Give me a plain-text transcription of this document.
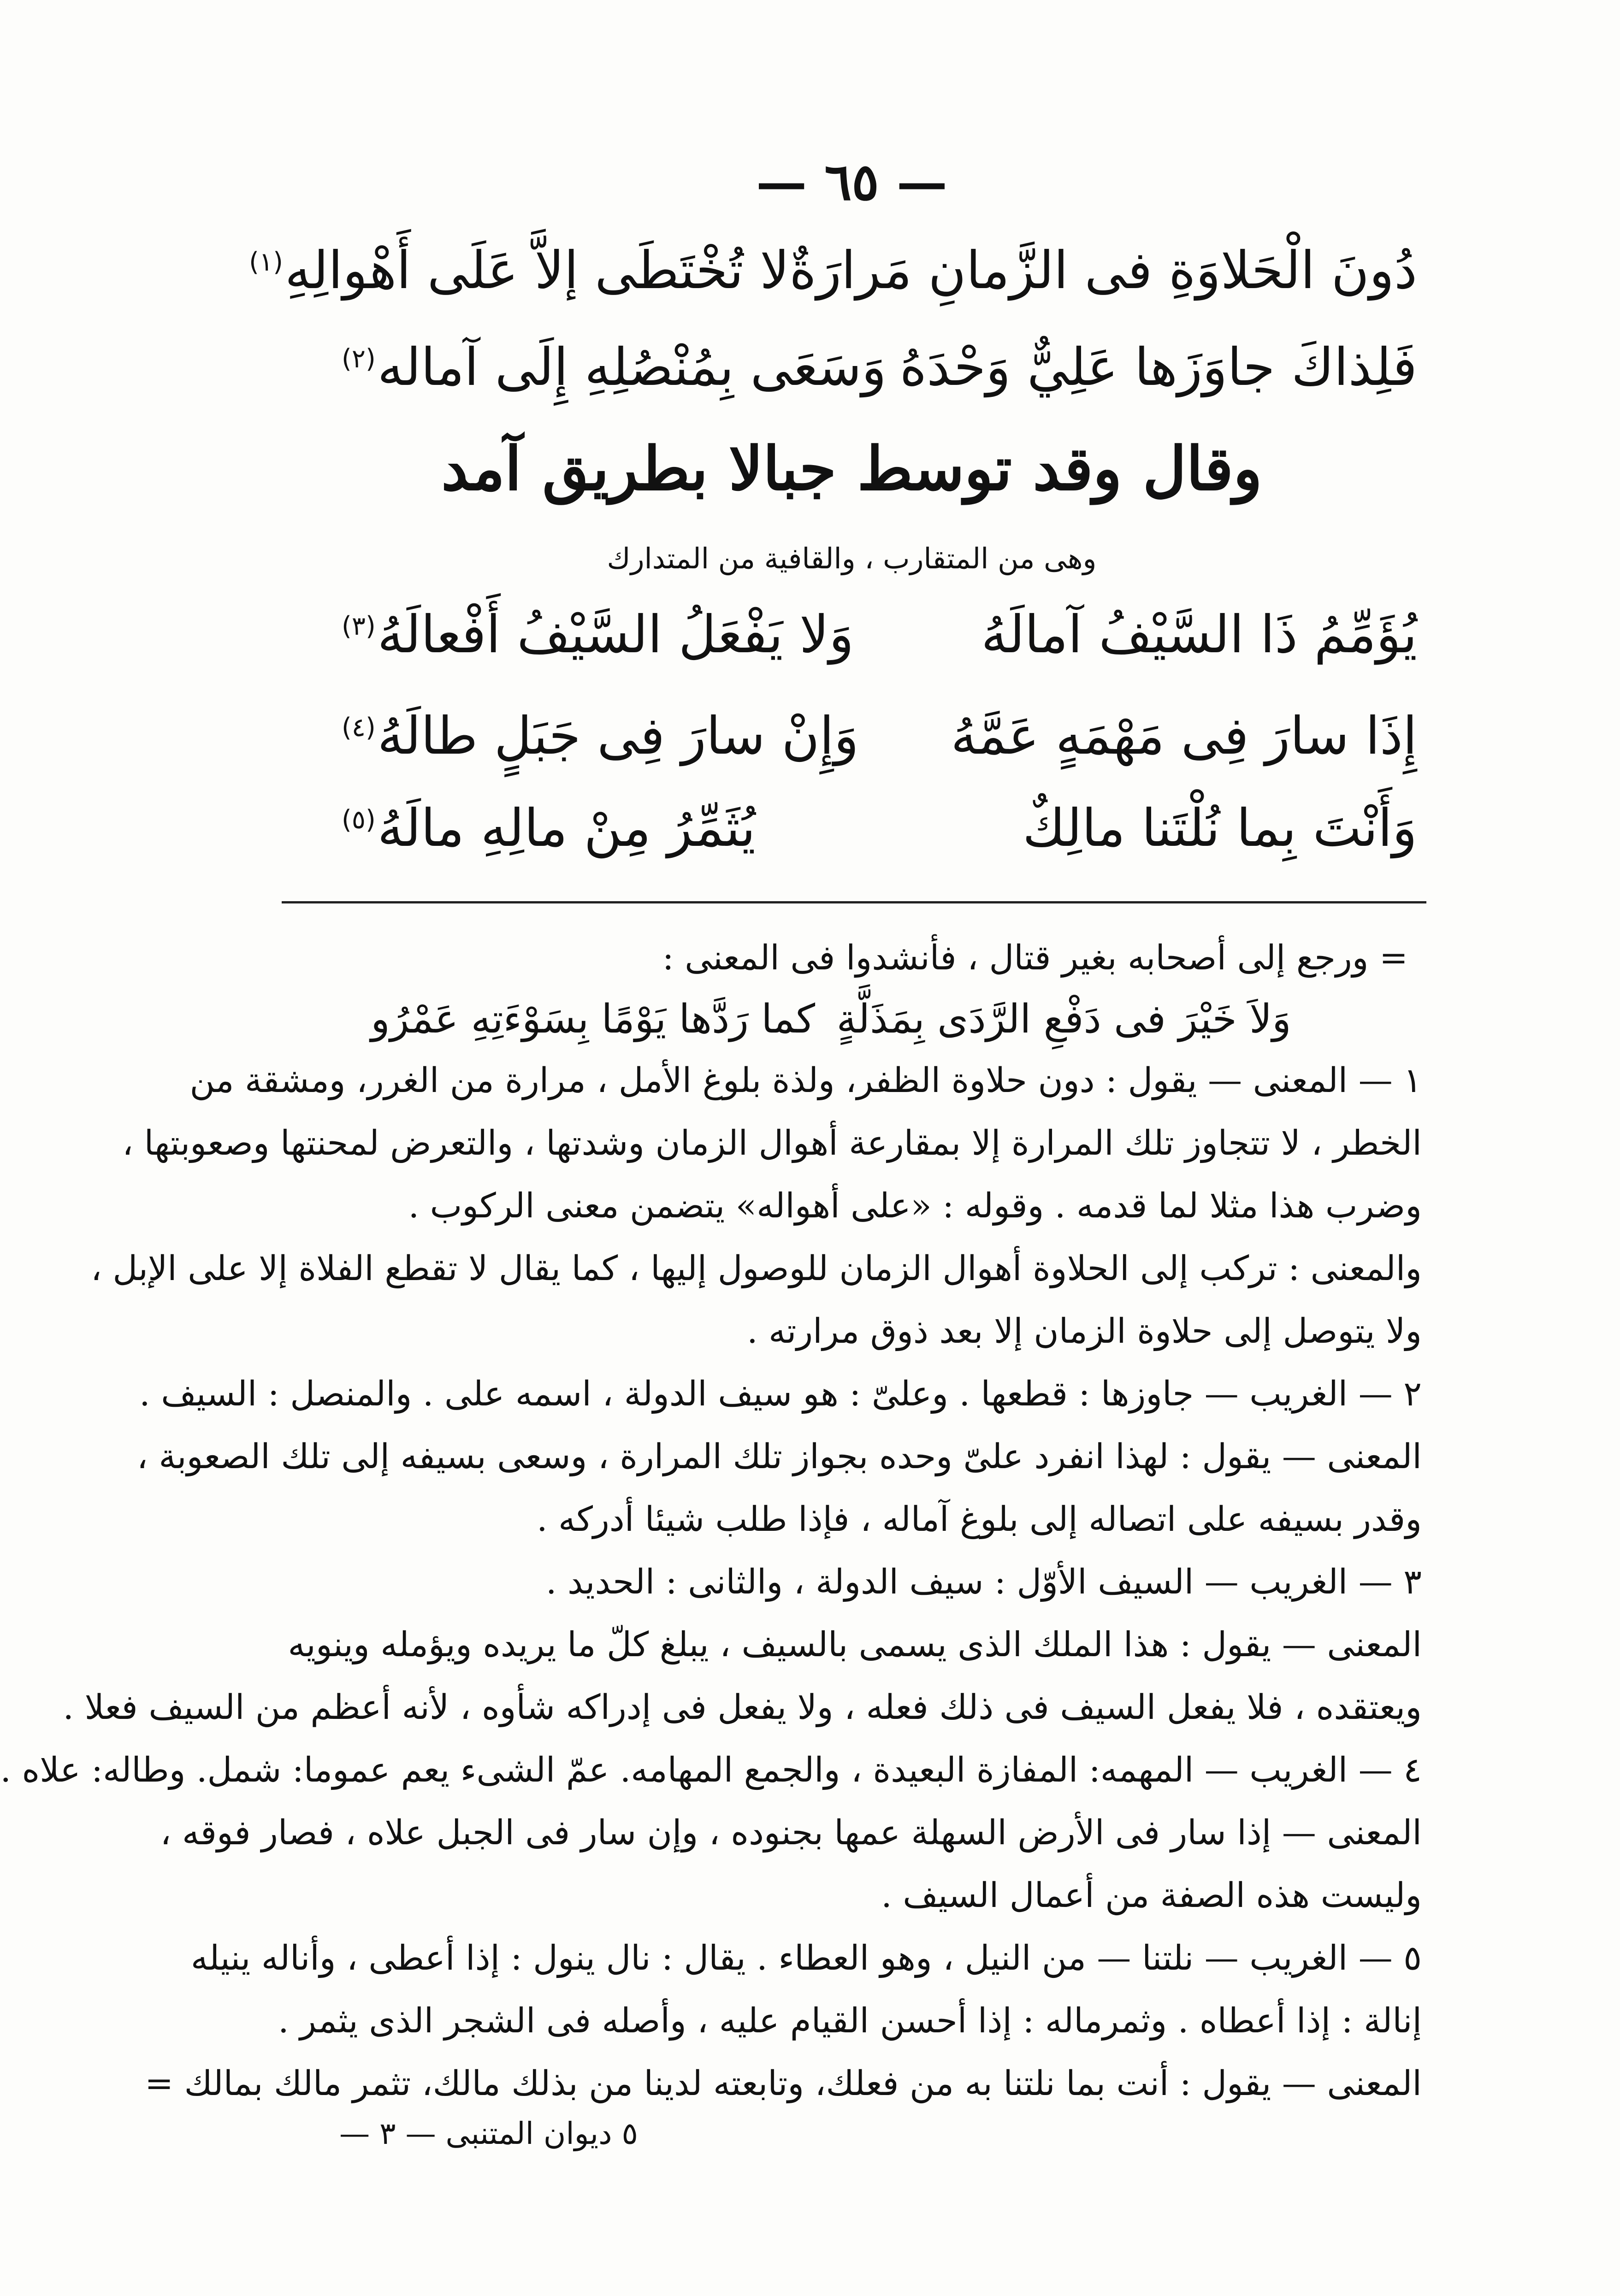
— ٦٥ —
دُونَ الْحَلاوَةِ فى الزَّمانِ مَرارَةٌ
لا تُخْتَطَى إلاَّ عَلَى أَهْوالِهِ$^{(١)}$
فَلِذاكَ جاوَزَها عَلِيٌّ وَحْدَهُ
وَسَعَى بِمُنْصُلِهِ إِلَى آماله$^{(٢)}$
وقال وقد توسط جبالا بطريق آمد
وهى من المتقارب ، والقافية من المتدارك
يُؤَمِّمُ ذَا السَّيْفُ آمالَهُ
وَلا يَفْعَلُ السَّيْفُ أَفْعالَهُ$^{(٣)}$
إِذَا سارَ فِى مَهْمَهٍ عَمَّهُ
وَإِنْ سارَ فِى جَبَلٍ طالَهُ$^{(٤)}$
وَأَنْتَ بِما نُلْتَنا مالِكٌ
يُثَمِّرُ مِنْ مالِهِ مالَهُ$^{(٥)}$

= ورجع إلى أصحابه بغير قتال ، فأنشدوا فى المعنى :

وَلاَ خَيْرَ فى دَفْعِ الرَّدَى بِمَذَلَّةٍ
كما رَدَّها يَوْمًا بِسَوْءَتِهِ عَمْرُو

١ — المعنى — يقول : دون حلاوة الظفر، ولذة بلوغ الأمل ، مرارة من الغرر، ومشقة من

الخطر ، لا تتجاوز تلك المرارة إلا بمقارعة أهوال الزمان وشدتها ، والتعرض لمحنتها وصعوبتها ،

وضرب هذا مثلا لما قدمه . وقوله : «على أهواله» يتضمن معنى الركوب .

والمعنى : تركب إلى الحلاوة أهوال الزمان للوصول إليها ، كما يقال لا تقطع الفلاة إلا على الإبل ،

ولا يتوصل إلى حلاوة الزمان إلا بعد ذوق مرارته .

٢ — الغريب — جاوزها : قطعها . وعلىّ : هو سيف الدولة ، اسمه على . والمنصل : السيف .

المعنى — يقول : لهذا انفرد علىّ وحده بجواز تلك المرارة ، وسعى بسيفه إلى تلك الصعوبة ،

وقدر بسيفه على اتصاله إلى بلوغ آماله ، فإذا طلب شيئا أدركه .

٣ — الغريب — السيف الأوّل : سيف الدولة ، والثانى : الحديد .

المعنى — يقول : هذا الملك الذى يسمى بالسيف ، يبلغ كلّ ما يريده ويؤمله وينويه

ويعتقده ، فلا يفعل السيف فى ذلك فعله ، ولا يفعل فى إدراكه شأوه ، لأنه أعظم من السيف فعلا .

٤ — الغريب — المهمه: المفازة البعيدة ، والجمع المهامه. عمّ الشىء يعم عموما: شمل. وطاله: علاه .

المعنى — إذا سار فى الأرض السهلة عمها بجنوده ، وإن سار فى الجبل علاه ، فصار فوقه ،

وليست هذه الصفة من أعمال السيف .

٥ — الغريب — نلتنا — من النيل ، وهو العطاء . يقال : نال ينول : إذا أعطى ، وأناله ينيله

إنالة : إذا أعطاه . وثمرماله : إذا أحسن القيام عليه ، وأصله فى الشجر الذى يثمر .

المعنى — يقول : أنت بما نلتنا به من فعلك، وتابعته لدينا من بذلك مالك، تثمر مالك بمالك =

٥ ديوان المتنبى — ٣ —
